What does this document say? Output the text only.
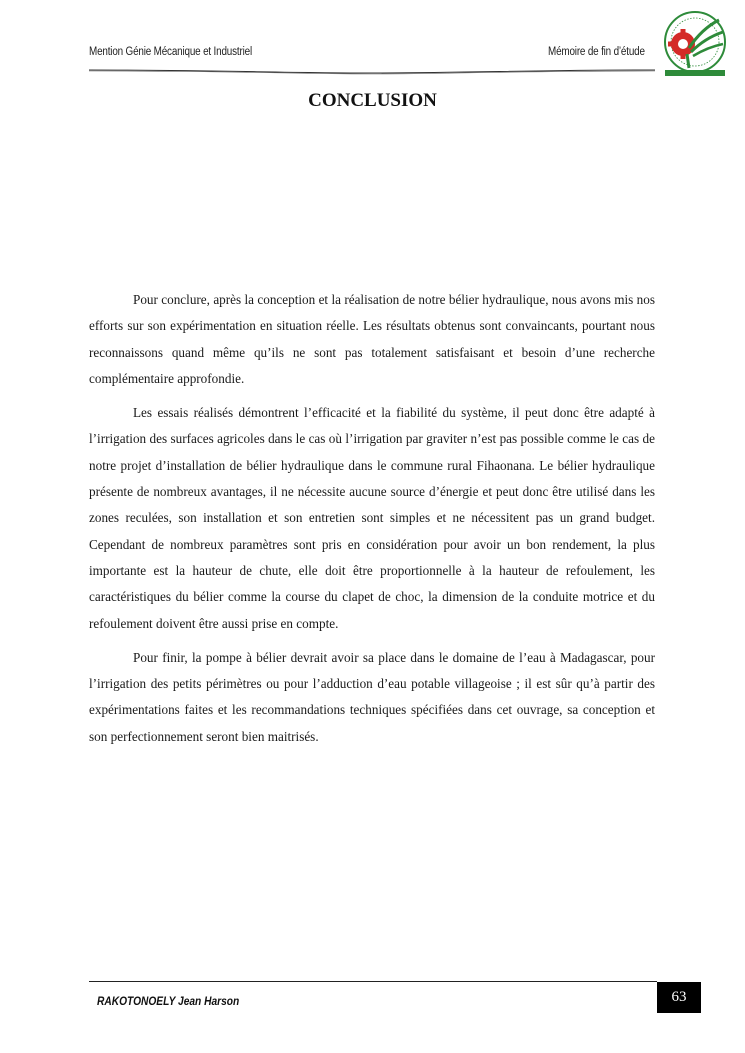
Mention Génie Mécanique et Industriel	Mémoire de fin d’étude
CONCLUSION

Pour conclure, après la conception et la réalisation de notre bélier hydraulique, nous avons mis nos efforts sur son expérimentation en situation réelle. Les résultats obtenus sont convaincants, pourtant nous reconnaissons quand même qu’ils ne sont pas totalement satisfaisant et besoin d’une recherche complémentaire approfondie.

Les essais réalisés démontrent l’efficacité et la fiabilité du système, il peut donc être adapté à l’irrigation des surfaces agricoles dans le cas où l’irrigation par graviter n’est pas possible comme le cas de notre projet d’installation de bélier hydraulique dans le commune rural Fihaonana. Le bélier hydraulique présente de nombreux avantages, il ne nécessite aucune source d’énergie et peut donc être utilisé dans les zones reculées, son installation et son entretien sont simples et ne nécessitent pas un grand budget. Cependant de nombreux paramètres sont pris en considération pour avoir un bon rendement, la plus importante est la hauteur de chute, elle doit être proportionnelle à la hauteur de refoulement, les caractéristiques du bélier comme la course du clapet de choc, la dimension de la conduite motrice et du refoulement doivent être aussi prise en compte.

Pour finir, la pompe à bélier devrait avoir sa place dans le domaine de l’eau à Madagascar, pour l’irrigation des petits périmètres ou pour l’adduction d’eau potable villageoise ; il est sûr qu’à partir des expérimentations faites et les recommandations techniques spécifiées dans cet ouvrage, sa conception et son perfectionnement seront bien maitrisés.

RAKOTONOELY Jean Harson	63
